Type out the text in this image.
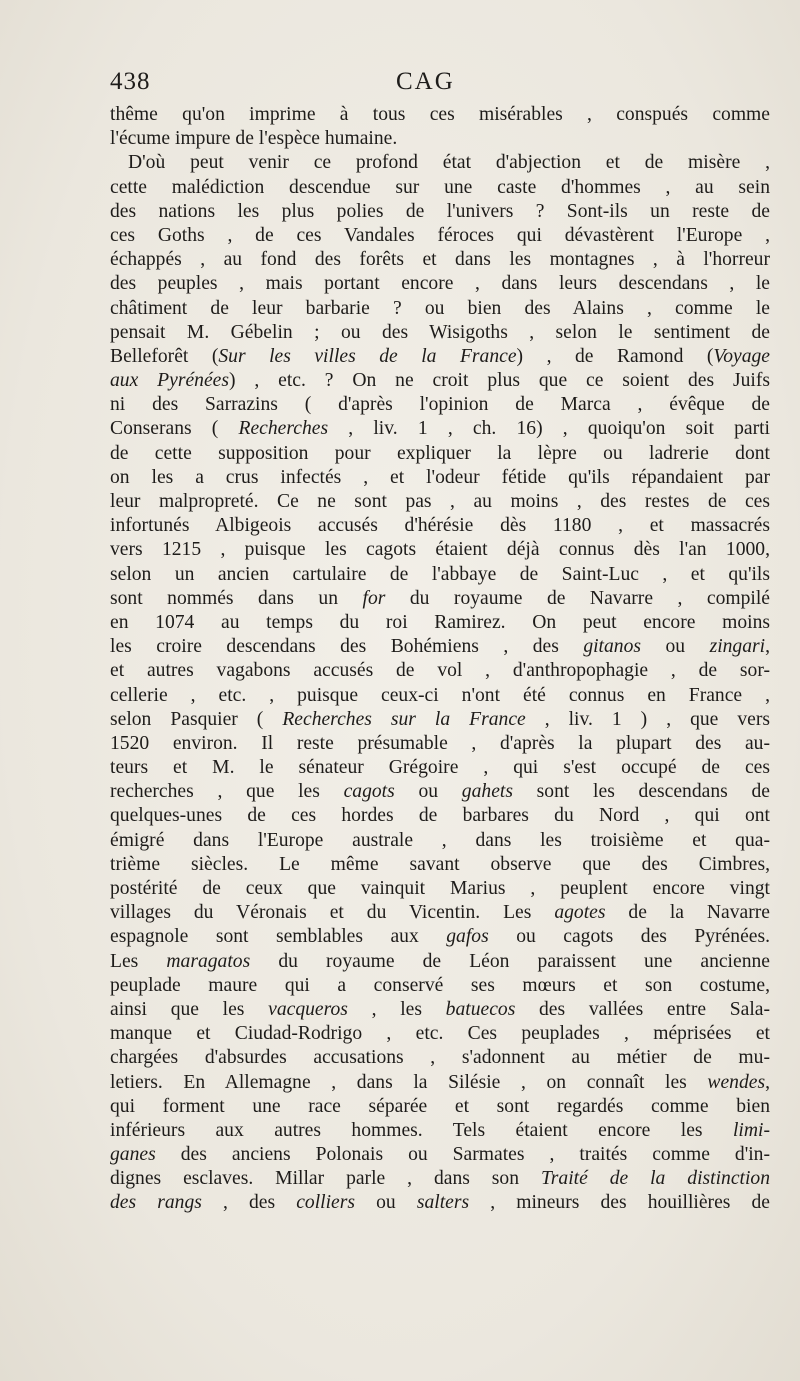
438	CAG
thême qu'on imprime à tous ces misérables , conspués comme
l'écume impure de l'espèce humaine.
D'où peut venir ce profond état d'abjection et de misère ,
cette malédiction descendue sur une caste d'hommes , au sein
des nations les plus polies de l'univers ? Sont-ils un reste de
ces Goths , de ces Vandales féroces qui dévastèrent l'Europe ,
échappés , au fond des forêts et dans les montagnes , à l'horreur
des peuples , mais portant encore , dans leurs descendans , le
châtiment de leur barbarie ? ou bien des Alains , comme le
pensait M. Gébelin ; ou des Wisigoths , selon le sentiment de
Belleforêt (Sur les villes de la France) , de Ramond (Voyage
aux Pyrénées) , etc. ? On ne croit plus que ce soient des Juifs
ni des Sarrazins ( d'après l'opinion de Marca , évêque de
Conserans ( Recherches , liv. 1 , ch. 16) , quoiqu'on soit parti
de cette supposition pour expliquer la lèpre ou ladrerie dont
on les a crus infectés , et l'odeur fétide qu'ils répandaient par
leur malpropreté. Ce ne sont pas , au moins , des restes de ces
infortunés Albigeois accusés d'hérésie dès 1180 , et massacrés
vers 1215 , puisque les cagots étaient déjà connus dès l'an 1000,
selon un ancien cartulaire de l'abbaye de Saint-Luc , et qu'ils
sont nommés dans un for du royaume de Navarre , compilé
en 1074 au temps du roi Ramirez. On peut encore moins
les croire descendans des Bohémiens , des gitanos ou zingari,
et autres vagabons accusés de vol , d'anthropophagie , de sor-
cellerie , etc. , puisque ceux-ci n'ont été connus en France ,
selon Pasquier ( Recherches sur la France , liv. 1 ) , que vers
1520 environ. Il reste présumable , d'après la plupart des au-
teurs et M. le sénateur Grégoire , qui s'est occupé de ces
recherches , que les cagots ou gahets sont les descendans de
quelques-unes de ces hordes de barbares du Nord , qui ont
émigré dans l'Europe australe , dans les troisième et qua-
trième siècles. Le même savant observe que des Cimbres,
postérité de ceux que vainquit Marius , peuplent encore vingt
villages du Véronais et du Vicentin. Les agotes de la Navarre
espagnole sont semblables aux gafos ou cagots des Pyrénées.
Les maragatos du royaume de Léon paraissent une ancienne
peuplade maure qui a conservé ses mœurs et son costume,
ainsi que les vacqueros , les batuecos des vallées entre Sala-
manque et Ciudad-Rodrigo , etc. Ces peuplades , méprisées et
chargées d'absurdes accusations , s'adonnent au métier de mu-
letiers. En Allemagne , dans la Silésie , on connaît les wendes,
qui forment une race séparée et sont regardés comme bien
inférieurs aux autres hommes. Tels étaient encore les limi-
ganes des anciens Polonais ou Sarmates , traités comme d'in-
dignes esclaves. Millar parle , dans son Traité de la distinction
des rangs , des colliers ou salters , mineurs des houillières de
